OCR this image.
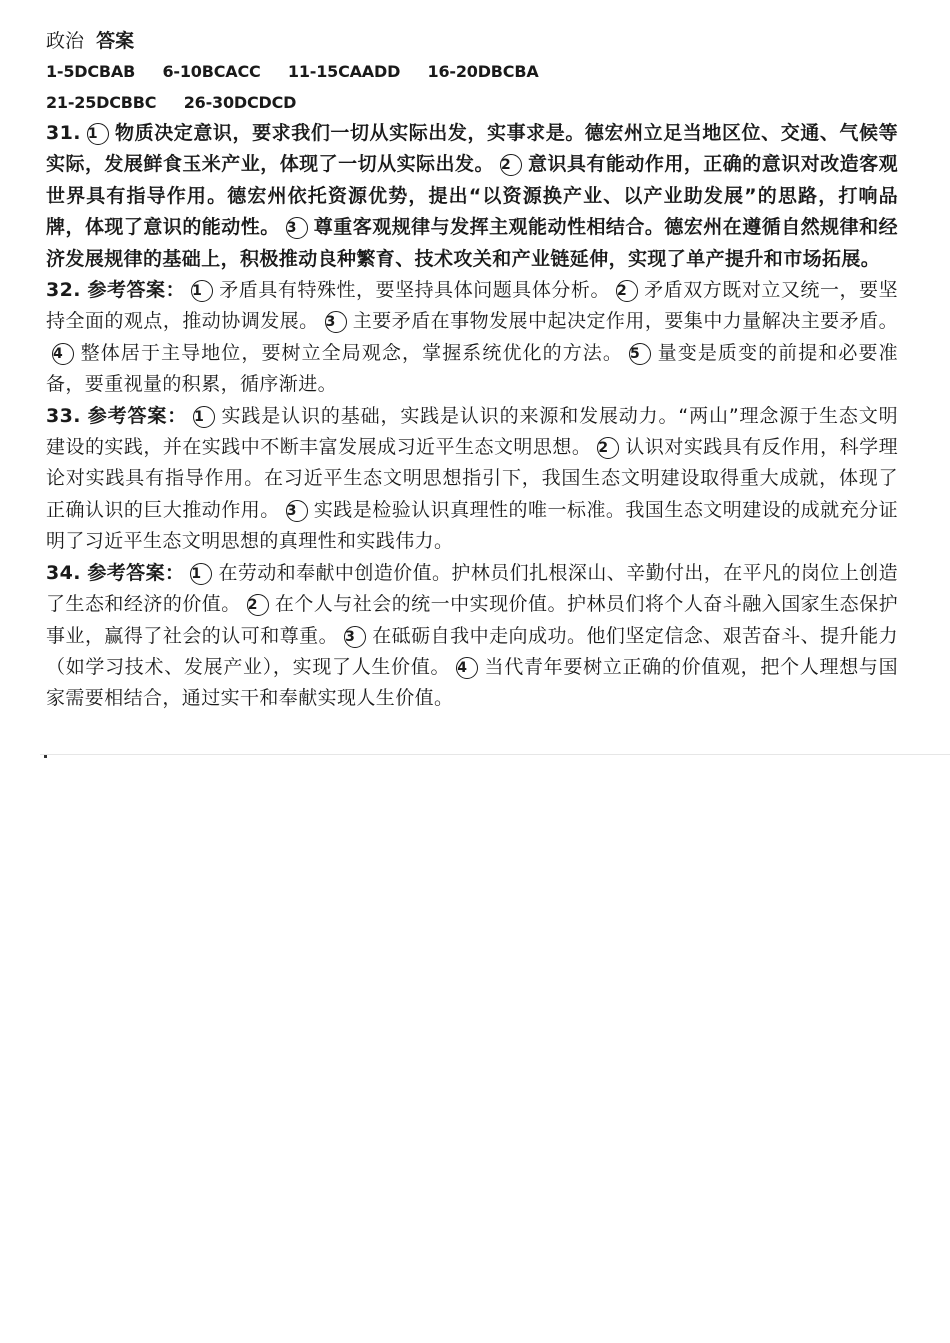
政治 答案
1-5DCBAB 6-10BCACC 11-15CAADD 16-20DBCBA
21-25DCBBC 26-30DCDCD
31. 1 物质决定意识，要求我们一切从实际出发，实事求是。德宏州立足当地区位、交通、气候等实际，发展鲜食玉米产业，体现了一切从实际出发。 2 意识具有能动作用，正确的意识对改造客观世界具有指导作用。德宏州依托资源优势，提出“以资源换产业、以产业助发展”的思路，打响品牌，体现了意识的能动性。 3 尊重客观规律与发挥主观能动性相结合。德宏州在遵循自然规律和经济发展规律的基础上，积极推动良种繁育、技术攻关和产业链延伸，实现了单产提升和市场拓展。
32. 参考答案： 1 矛盾具有特殊性，要坚持具体问题具体分析。 2 矛盾双方既对立又统一，要坚持全面的观点，推动协调发展。 3 主要矛盾在事物发展中起决定作用，要集中力量解决主要矛盾。4 整体居于主导地位，要树立全局观念，掌握系统优化的方法。 5 量变是质变的前提和必要准备，要重视量的积累，循序渐进。
33. 参考答案： 1 实践是认识的基础，实践是认识的来源和发展动力。“两山”理念源于生态文明建设的实践，并在实践中不断丰富发展成习近平生态文明思想。 2 认识对实践具有反作用，科学理论对实践具有指导作用。在习近平生态文明思想指引下，我国生态文明建设取得重大成就，体现了正确认识的巨大推动作用。 3 实践是检验认识真理性的唯一标准。我国生态文明建设的成就充分证明了习近平生态文明思想的真理性和实践伟力。
34. 参考答案： 1 在劳动和奉献中创造价值。护林员们扎根深山、辛勤付出，在平凡的岗位上创造了生态和经济的价值。 2 在个人与社会的统一中实现价值。护林员们将个人奋斗融入国家生态保护事业，赢得了社会的认可和尊重。 3 在砥砺自我中走向成功。他们坚定信念、艰苦奋斗、提升能力（如学习技术、发展产业），实现了人生价值。 4 当代青年要树立正确的价值观，把个人理想与国家需要相结合，通过实干和奉献实现人生价值。
